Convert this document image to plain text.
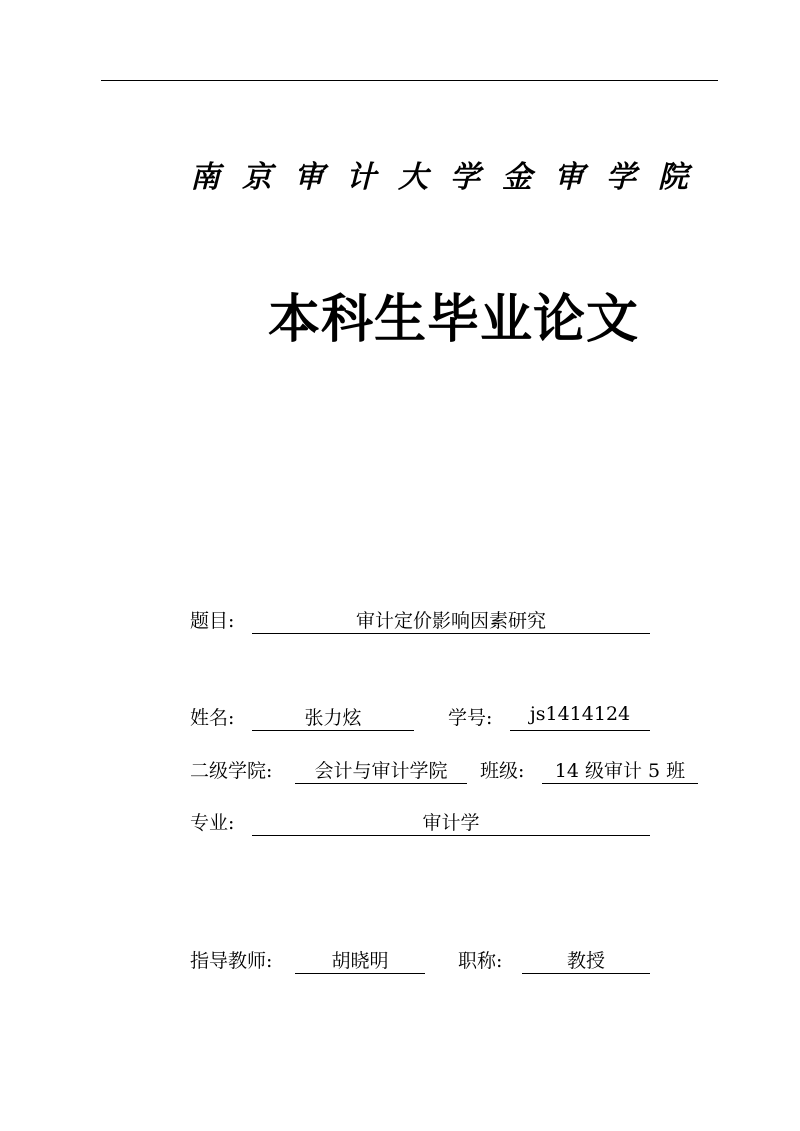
南京审计大学金审学院
本科生毕业论文
题目:	审计定价影响因素研究
姓名:	张力炫	学号:	js1414124
二级学院:	会计与审计学院	班级:	14 级审计 5 班
专业:	审计学
指导教师:	胡晓明	职称:	教授
